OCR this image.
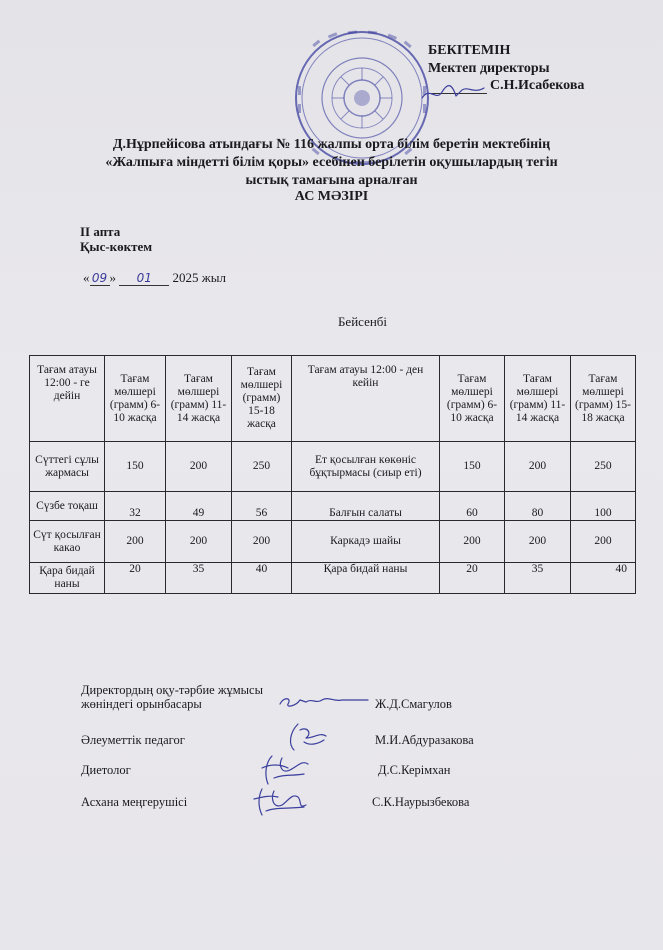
БЕКІТЕМІН
Мектеп директоры
С.Н.Исабекова
Д.Нұрпейісова атындағы № 116 жалпы орта білім беретін мектебінің
«Жалпыға міндетті білім қоры» есебінен берілетін оқушылардың тегін
ыстық тамағына арналған
АС МӘЗІРІ
ІІ апта
Қыс-көктем
« 09 » 01 2025 жыл
Бейсенбі
Тағам атауы 12:00 - ге дейін	Тағам мөлшері (грамм) 6-10 жасқа	Тағам мөлшері (грамм) 11-14 жасқа	Тағам мөлшері (грамм) 15-18 жасқа	Тағам атауы 12:00 - ден кейін	Тағам мөлшері (грамм) 6-10 жасқа	Тағам мөлшері (грамм) 11-14 жасқа	Тағам мөлшері (грамм) 15-18 жасқа
Сүттегі сұлы жармасы	150	200	250	Ет қосылған көкөніс бұқтырмасы (сиыр еті)	150	200	250
Сүзбе тоқаш	32	49	56	Балғын салаты	60	80	100
Сүт қосылған какао	200	200	200	Каркадэ шайы	200	200	200
Қара бидай наны	20	35	40	Қара бидай наны	20	35	40
Директордың оқу-тәрбие жұмысы жөніндегі орынбасары	Ж.Д.Смагулов
Әлеуметтік педагог	М.И.Абдуразакова
Диетолог	Д.С.Керімхан
Асхана меңгерушісі	С.К.Наурызбекова
